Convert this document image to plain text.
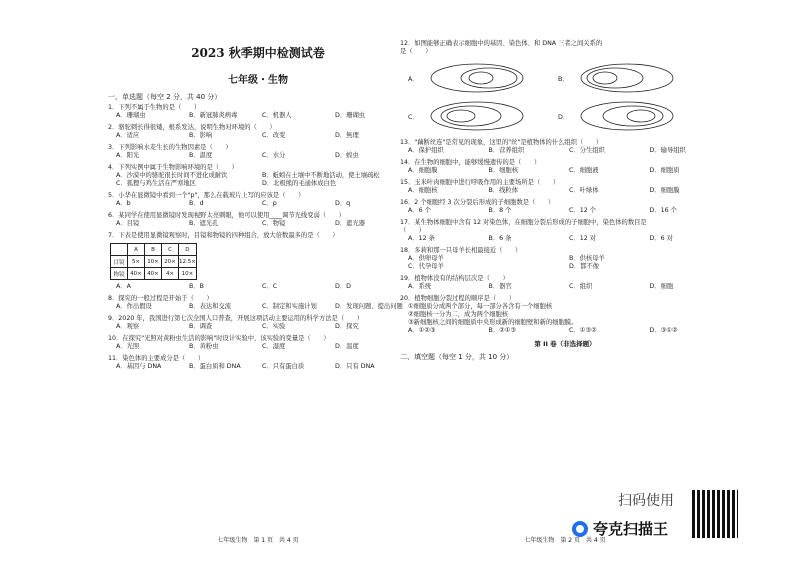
2023 秋季期中检测试卷
七年级・生物
一、单选题（每空 2 分，共 40 分）
1．下列不属于生物的是（　　）
A．珊瑚虫	B．新冠肺炎病毒	C．机器人	D．珊瑚虫
2．骆驼刺长得很矮，根系发达，说明生物对环境的（　　）
A．适应	B．影响	C．改变	D．無理
3．下列影响水麦生长的生物因素是（　　）
A．阳光	B．温度	C．水分	D．蝗虫
4．下列实例中属于生物影响环境的是（　　）
A．沙漠中的骆驼很长时间不进化成耐饮	B．蚯蚓在土壤中不断地活动，使土壤疏松
C．狐狸与鸡生活在严寒地区	D．北极熊的毛通体成白色
5．小华在显微镜中看到一个"p"，那么在载玻片上写的应该是（　　）
A．b	B．d	C．p	D．q
6．某同学在使用显微镜时发现视野太亮刺眼，他可以使用____调节光线变弱（　　）
A．目镜	B．遮光孔	C．物镜	D．遮光器
7．下表是使用显微镜观察时，目镜和物镜的四种组合，放大倍数最多的是（　　）
	A	B	C	D
目镜	5×	10×	20×	12.5×
物镜	40×	40×	4×	10×
A．A	B．B	C．C	D．D
8．探究的一般过程是开始于（　　）
A．作出假设	B．表达和交流	C．制定和实施计划	D．发现问题、提出问题
9．2020 年，我国进行第七次全国人口普查，开展这项活动主要运用的科学方法是（　　）
A．观察	B．调查	C．实验	D．探究
10．在探究"光照对黄粉虫生活的影响"时设计实验中，该实验的变量是（　　）
A．光照	B．黄粉虫	C．湿度	D．温度
11．染色体的主要成分是（　　）
A．基因与 DNA	B．蛋白质和 DNA	C．只有蛋白质	D．只有 DNA
七年级生物　第 1 页　共 4 页
12．如图能够正确表示细胞中的基因、染色体、和 DNA 三者之间关系的
是（　　）
A．	B．
C．	D．
13．"藕断丝连"是常见的现象，这里的"丝"是植物体的什么组织（　　）
A．保护组织	B．营养组织	C．分生组织	D．输导组织
14．在生物的细胞中，能够缓慢遗传的是（　　）
A．细胞膜	B．细胞核	C．细胞液	D．细胞质
15．玉米叶肉细胞中进行呼吸作用的主要场所是（　　）
A．细胞核	B．线粒体	C．叶绿体	D．细胞膜
16．2 个细胞经 3 次分裂后形成的子细胞数是（　　）
A．6 个	B．8 个	C．12 个	D．16 个
17．某生物体细胞中含有 12 对染色体，在细胞分裂后形成的子细胞中，染色体的数目是
（　　）
A．12 条	B．6 条	C．12 对	D．6 对
18．多莉和那一只母羊长相最接近（　　）
A．供卵母羊	B．供核母羊
C．代孕母羊	D．都不像
19．植物体没有的结构层次是（　　）
A．系统	B．器官	C．组织	D．细胞
20．植物细胞分裂过程的顺序是（　　）
①细胞质分成两个部分，每一部分各含有一个细胞核
②细胞核一分为二，成为两个细胞核
③新细胞核之间的细胞质中央形成新的细胞壁和新的细胞膜。
A．①②③	B．②①③	C．①③②	D．③①②
第 II 卷（非选择题）
二、填空题（每空 1 分，共 10 分）
七年级生物　第 2 页　共 4 页
扫码使用
夸克扫描王
